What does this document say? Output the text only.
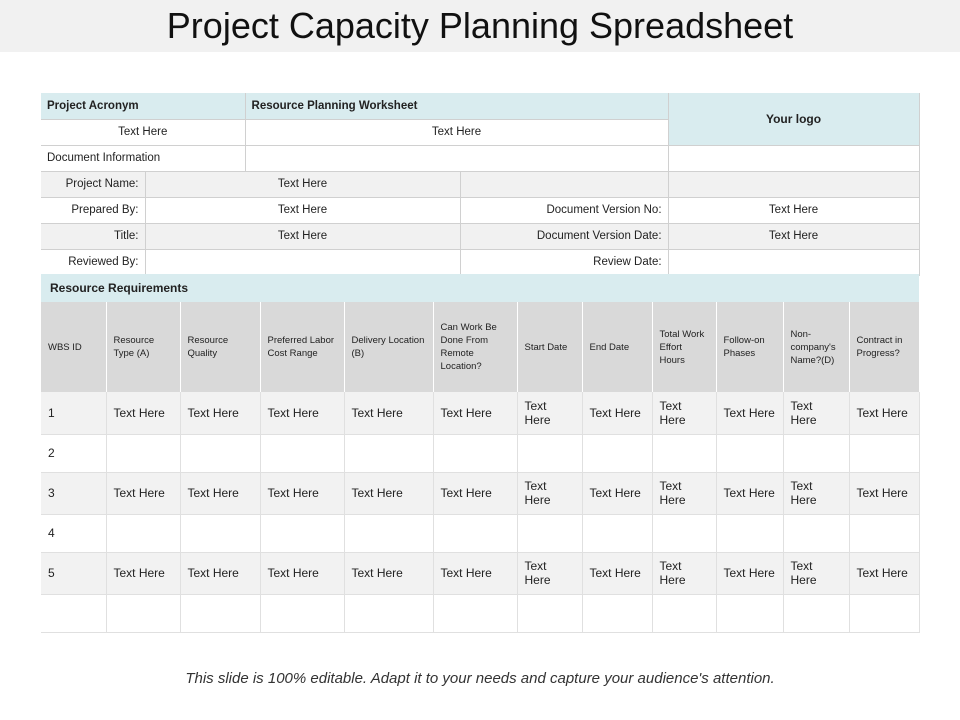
Project Capacity Planning Spreadsheet
Project Acronym		Resource Planning Worksheet		Your logo
Text Here		Text Here		
Document Information				
Project Name:	Text Here			
Prepared By:	Text Here		Document Version No:	Text Here
Title:	Text Here		Document Version Date:	Text Here
Reviewed By:			Review Date:	
Resource Requirements
WBS ID	Resource Type (A)	Resource Quality	Preferred Labor Cost Range	Delivery Location (B)	Can Work Be Done From Remote Location?	Start Date	End Date	Total Work Effort Hours	Follow-on Phases	Non-company's Name?(D)	Contract in Progress?
1	Text Here	Text Here	Text Here	Text Here	Text Here	Text Here	Text Here	Text Here	Text Here	Text Here	Text Here
2											
3	Text Here	Text Here	Text Here	Text Here	Text Here	Text Here	Text Here	Text Here	Text Here	Text Here	Text Here
4											
5	Text Here	Text Here	Text Here	Text Here	Text Here	Text Here	Text Here	Text Here	Text Here	Text Here	Text Here

This slide is 100% editable. Adapt it to your needs and capture your audience's attention.
